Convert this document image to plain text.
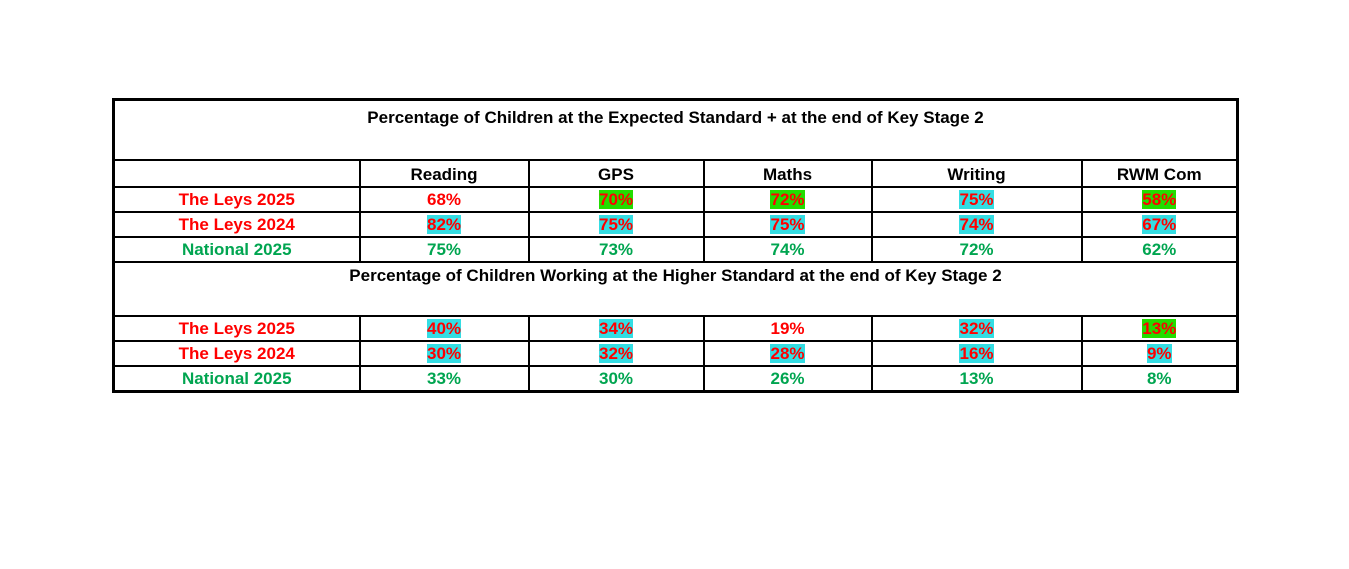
Percentage of Children at the Expected Standard + at the end of Key Stage 2					
	Reading	GPS	Maths	Writing	RWM Com
The Leys 2025	68%	70%	72%	75%	58%
The Leys 2024	82%	75%	75%	74%	67%
National 2025	75%	73%	74%	72%	62%
Percentage of Children Working at the Higher Standard at the end of Key Stage 2					
The Leys 2025	40%	34%	19%	32%	13%
The Leys 2024	30%	32%	28%	16%	9%
National 2025	33%	30%	26%	13%	8%
